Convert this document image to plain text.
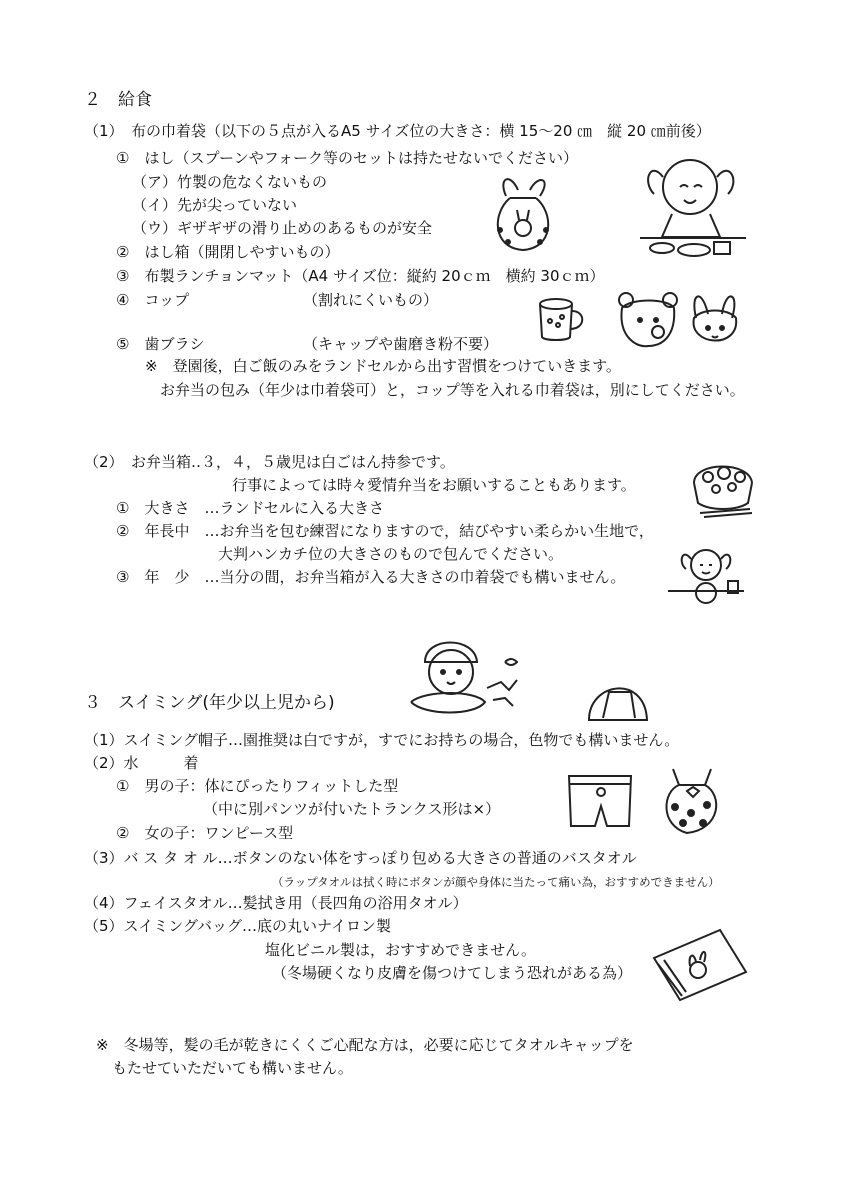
２　給食
（1）　布の巾着袋（以下の５点が入るA5 サイズ位の大きさ：横 15〜20 ㎝　縦 20 ㎝前後）
①　はし（スプーンやフォーク等のセットは持たせないでください）
（ア）竹製の危なくないもの
（イ）先が尖っていない
（ウ）ギザギザの滑り止めのあるものが安全
②　はし箱（開閉しやすいもの）
③　布製ランチョンマット（A4 サイズ位：縦約 20ｃｍ　横約 30ｃｍ）
④　コップ	（割れにくいもの）
⑤　歯ブラシ	（キャップや歯磨き粉不要）
※　登園後，白ご飯のみをランドセルから出す習慣をつけていきます。
お弁当の包み（年少は巾着袋可）と，コップ等を入れる巾着袋は，別にしてください。
（2）　お弁当箱‥３，４，５歳児は白ごはん持参です。
行事によっては時々愛情弁当をお願いすることもあります。
①　大きさ　…ランドセルに入る大きさ
②　年長中　…お弁当を包む練習になりますので，結びやすい柔らかい生地で，
大判ハンカチ位の大きさのもので包んでください。
③　年　少　…当分の間，お弁当箱が入る大きさの巾着袋でも構いません。
３　スイミング(年少以上児から)
（1）スイミング帽子…園推奨は白ですが，すでにお持ちの場合，色物でも構いません。
（2）水　　　着
①　男の子：体にぴったりフィットした型
（中に別パンツが付いたトランクス形は×）
②　女の子：ワンピース型
（3）バ ス タ オ ル…ボタンのない体をすっぽり包める大きさの普通のバスタオル
（ラップタオルは拭く時にボタンが顔や身体に当たって痛い為，おすすめできません）
（4）フェイスタオル…髪拭き用（長四角の浴用タオル）
（5）スイミングバッグ…底の丸いナイロン製
塩化ビニル製は，おすすめできません。
（冬場硬くなり皮膚を傷つけてしまう恐れがある為）
※　冬場等，髪の毛が乾きにくくご心配な方は，必要に応じてタオルキャップを
もたせていただいても構いません。
